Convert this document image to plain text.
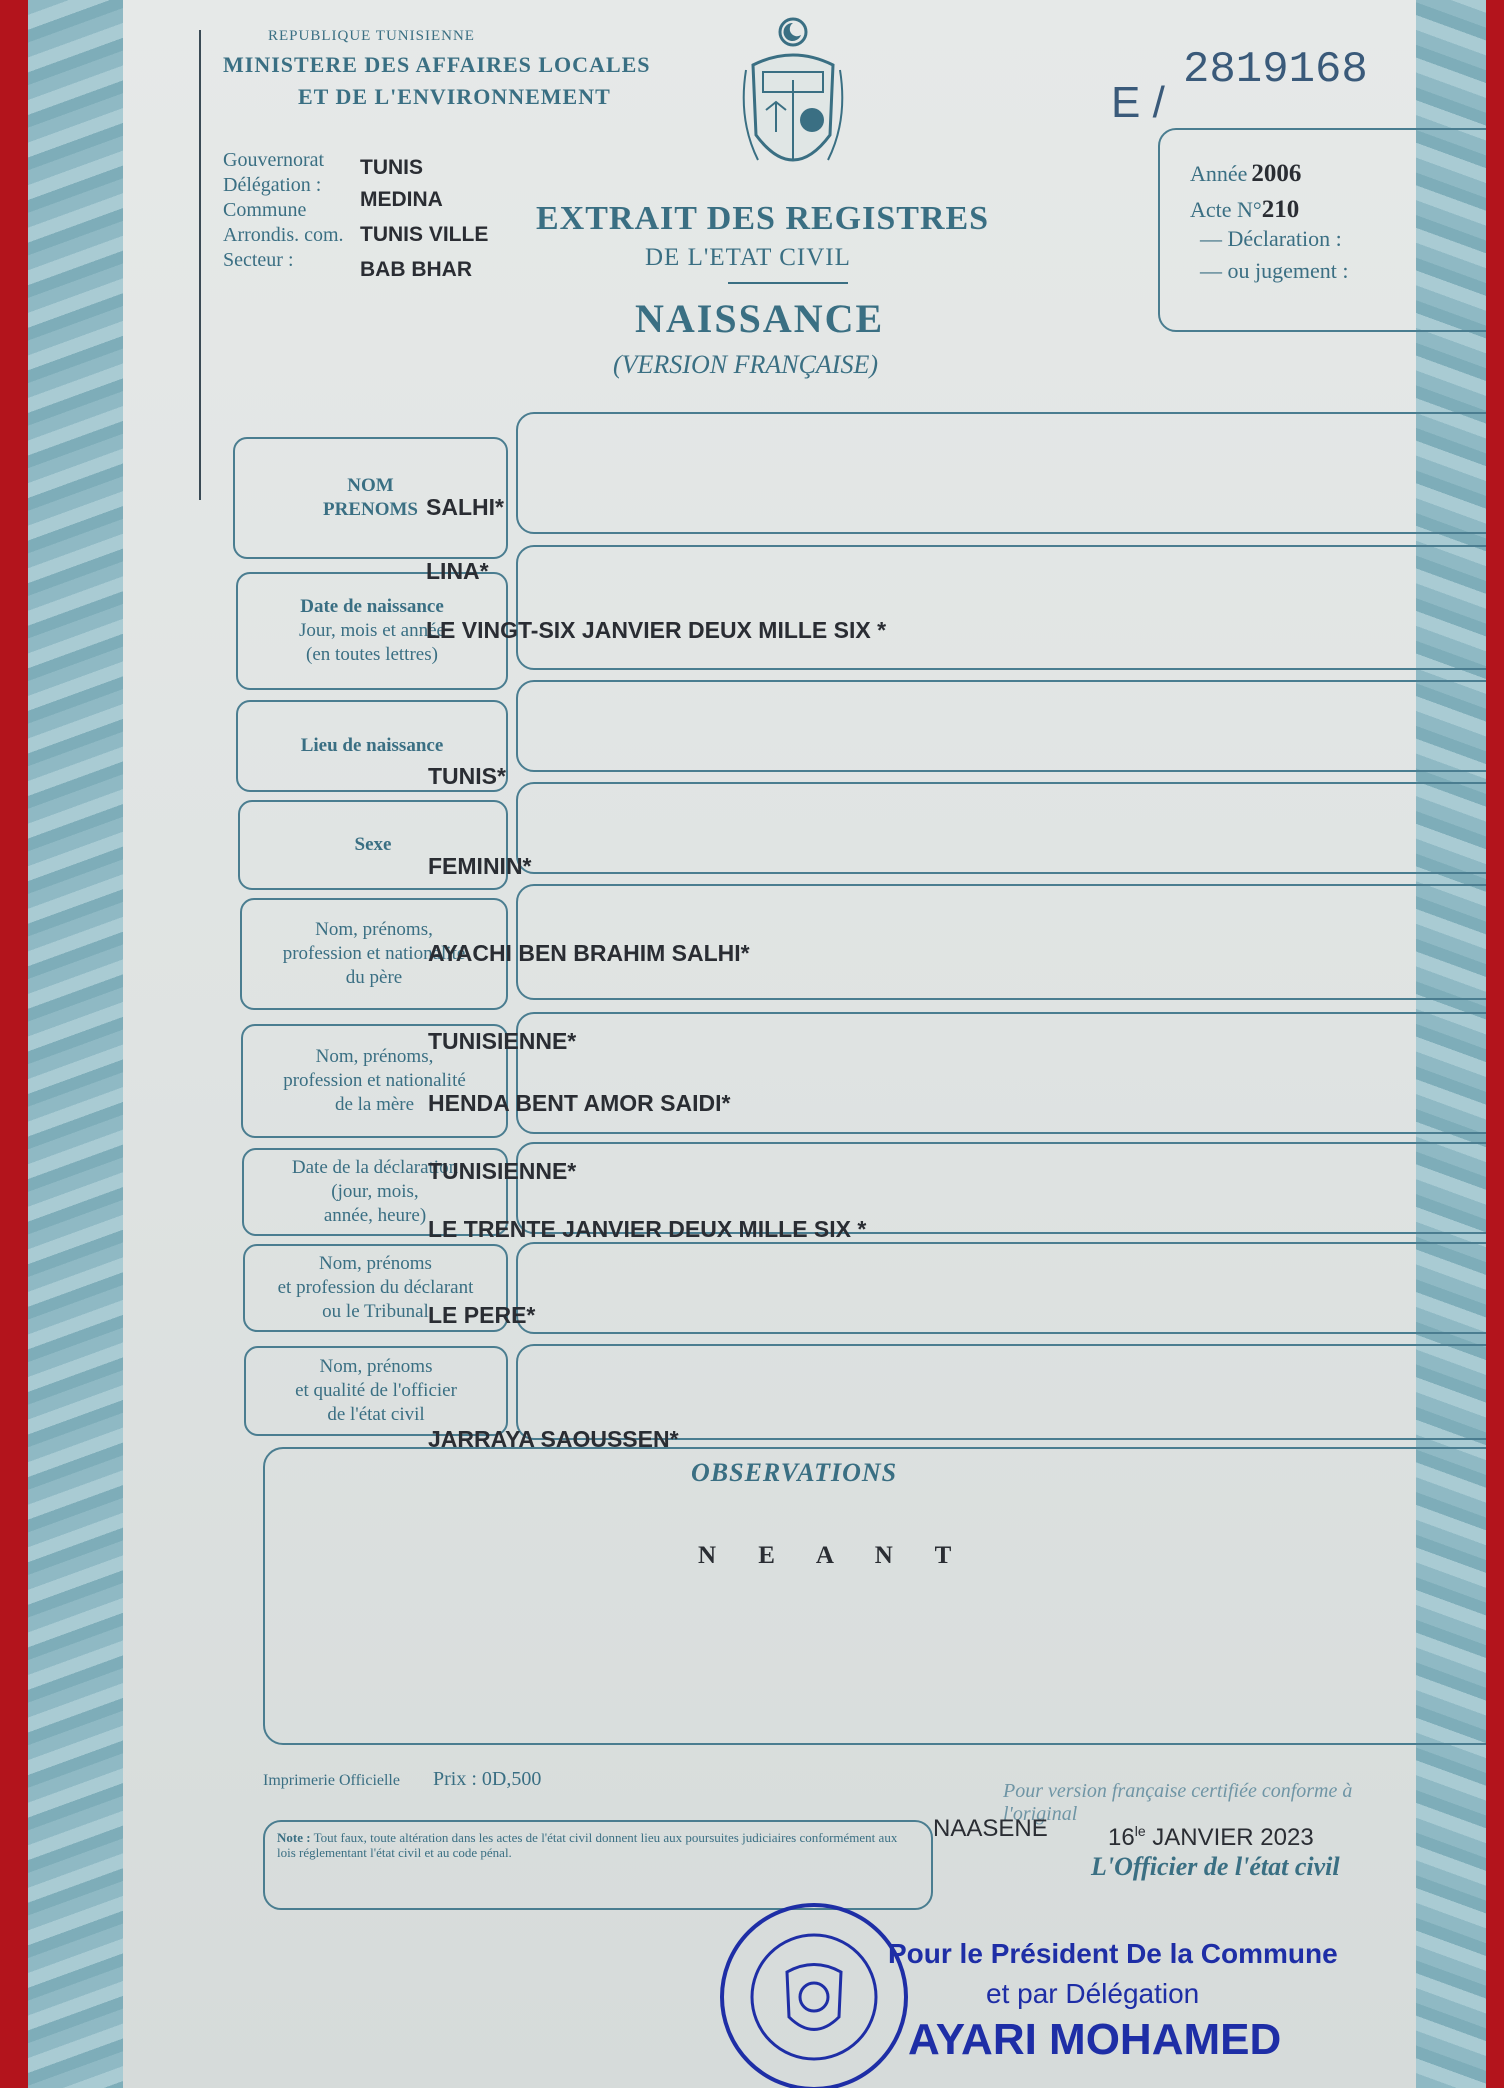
REPUBLIQUE TUNISIENNE
MINISTERE DES AFFAIRES LOCALES
ET DE L'ENVIRONNEMENT
Gouvernorat
Délégation :
Commune
Arrondis. com.
Secteur :
TUNIS
MEDINA
TUNIS VILLE
BAB BHAR
EXTRAIT DES REGISTRES
DE L'ETAT CIVIL
NAISSANCE
(VERSION FRANÇAISE)
E /
2819168
Année 2006
Acte N°210
— Déclaration :
— ou jugement :
NOM
PRENOMS
Date de naissance
Jour, mois et année
(en toutes lettres)
Lieu de naissance
Sexe
Nom, prénoms,
profession et nationalité
du père
Nom, prénoms,
profession et nationalité
de la mère
Date de la déclaration
(jour, mois,
année, heure)
Nom, prénoms
et profession du déclarant
ou le Tribunal
Nom, prénoms
et qualité de l'officier
de l'état civil
SALHI*
LINA*
LE VINGT-SIX JANVIER DEUX MILLE SIX *
TUNIS*
FEMININ*
AYACHI BEN BRAHIM SALHI*
TUNISIENNE*
HENDA BENT AMOR SAIDI*
TUNISIENNE*
LE TRENTE JANVIER DEUX MILLE SIX *
LE PERE*
JARRAYA SAOUSSEN*
OBSERVATIONS
N E A N T
Imprimerie Officielle Prix : 0D,500
Note : Tout faux, toute altération dans les actes de l'état civil donnent lieu aux poursuites judiciaires conformément aux lois réglementant l'état civil et au code pénal.
Pour version française certifiée conforme à l'original
NAASENE	$16^{le}$ JANVIER 2023
L'Officier de l'état civil
Pour le Président De la Commune
et par Délégation
AYARI MOHAMED
